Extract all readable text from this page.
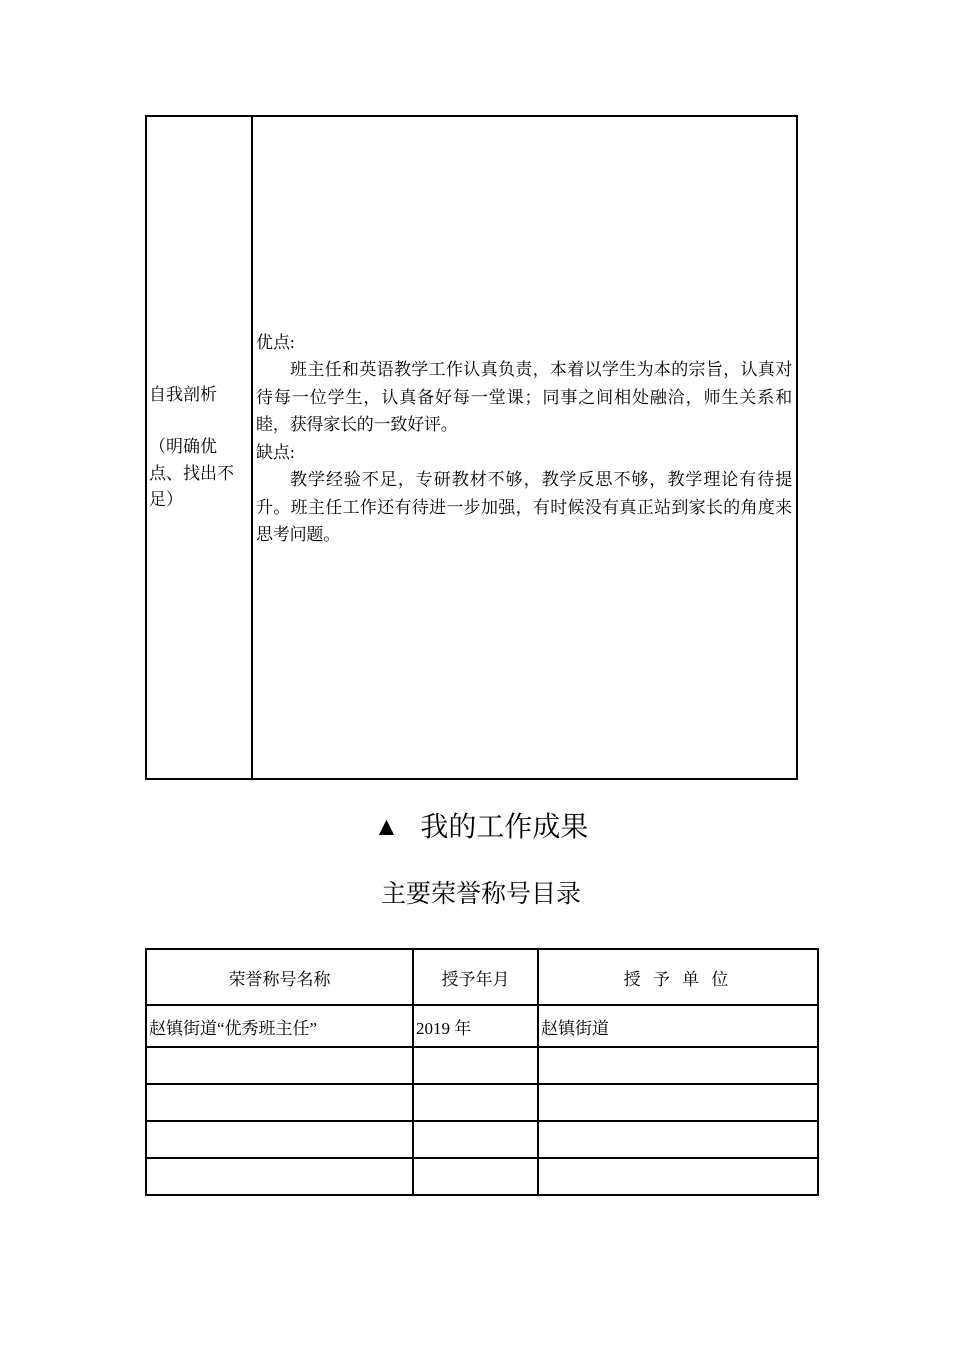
自我剖析
（明确优点、找出不足）

优点:

班主任和英语教学工作认真负责，本着以学生为本的宗旨，认真对待每一位学生，认真备好每一堂课；同事之间相处融洽，师生关系和睦，获得家长的一致好评。

缺点:

教学经验不足，专研教材不够，教学反思不够，教学理论有待提升。班主任工作还有待进一步加强，有时候没有真正站到家长的角度来思考问题。

▲ 我的工作成果
主要荣誉称号目录
荣誉称号名称	授予年月	授 予 单 位
赵镇街道“优秀班主任”	2019 年	赵镇街道
